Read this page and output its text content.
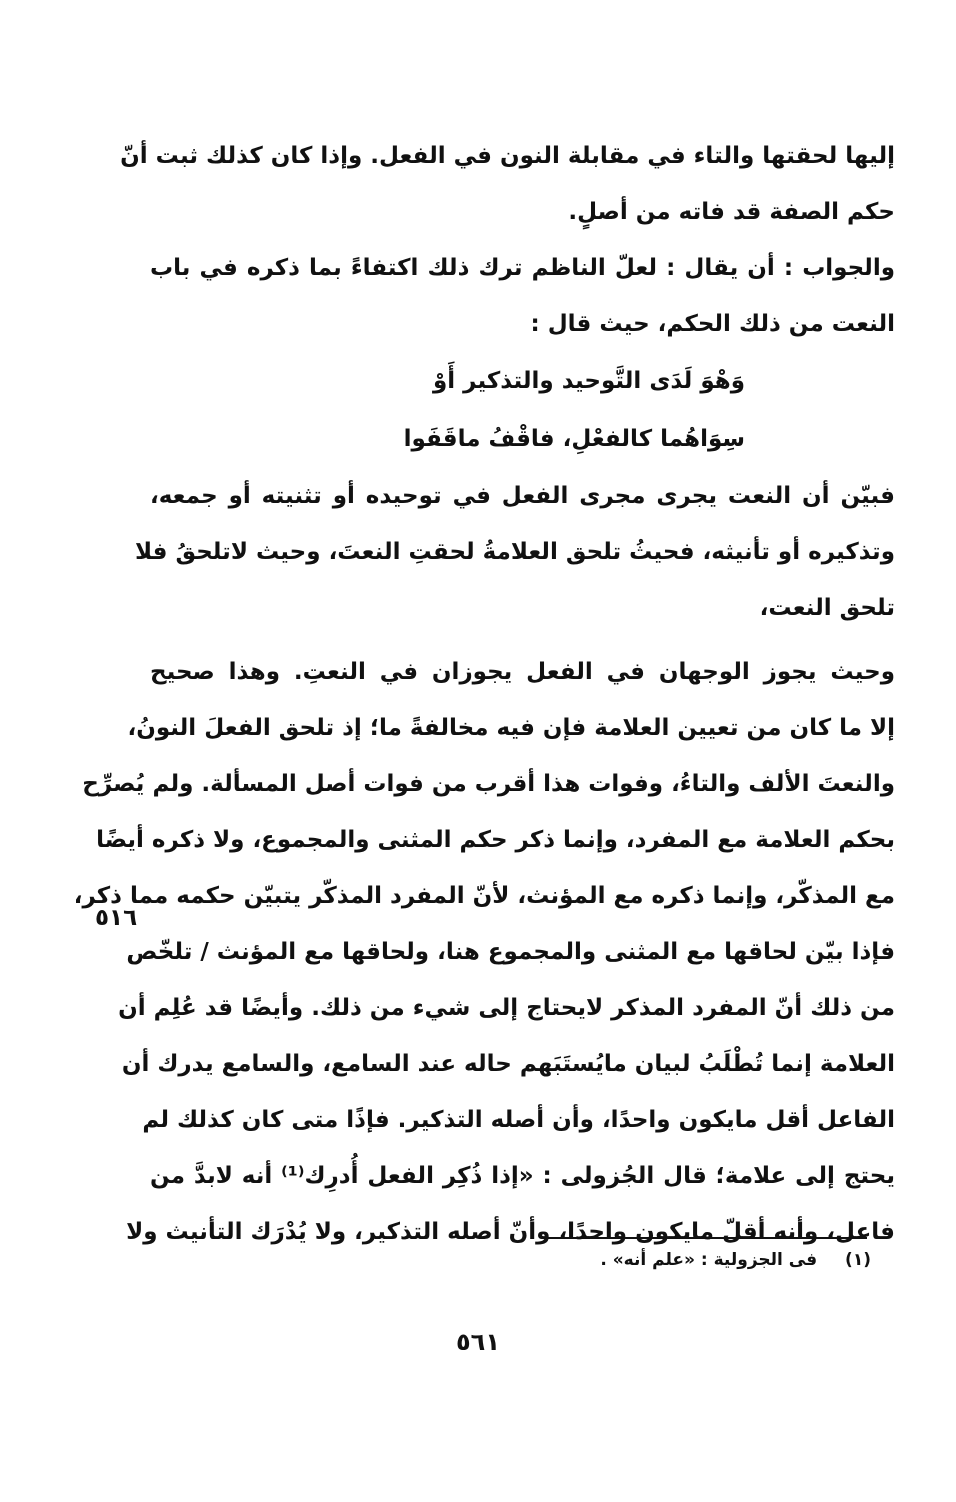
إليها لحقتها والتاء في مقابلة النون في الفعل. وإذا كان كذلك ثبت أنّ
حكم الصفة قد فاته من أصلٍ.
والجواب : أن يقال : لعلّ الناظم ترك ذلك اكتفاءً بما ذكره في باب
النعت من ذلك الحكم، حيث قال :
وَهْوَ لَدَى التَّوحيد والتذكير أَوْ
سِوَاهُما كالفعْلِ، فاقْفُ ماقَفَوا
فبيّن أن النعت يجرى مجرى الفعل في توحيده أو تثنيته أو جمعه،
وتذكيره أو تأنيثه، فحيثُ تلحق العلامةُ لحقتِ النعتَ، وحيث لاتلحقُ فلا
تلحق النعت،
وحيث يجوز الوجهان في الفعل يجوزان في النعتِ. وهذا صحيح
إلا ما كان من تعيين العلامة فإن فيه مخالفةً ما؛ إذ تلحق الفعلَ النونُ،
والنعتَ الألف والتاءُ، وفوات هذا أقرب من فوات أصل المسألة. ولم يُصرِّح
بحكم العلامة مع المفرد، وإنما ذكر حكم المثنى والمجموع، ولا ذكره أيضًا
مع المذكّر، وإنما ذكره مع المؤنث، لأنّ المفرد المذكّر يتبيّن حكمه مما ذكر،
فإذا بيّن لحاقها مع المثنى والمجموع هنا، ولحاقها مع المؤنث / تلخّص
من ذلك أنّ المفرد المذكر لايحتاج إلى شيء من ذلك. وأيضًا قد عُلِم أن
العلامة إنما تُطْلَبُ لبيان مايُستَبَهم حاله عند السامع، والسامع يدرك أن
الفاعل أقل مايكون واحدًا، وأن أصله التذكير. فإذًا متى كان كذلك لم
يحتج إلى علامة؛ قال الجُزولى : «إذا ذُكِر الفعل أُدرِك⁽¹⁾ أنه لابدَّ من
فاعل، وأنه أقلّ مايكون واحدًا، وأنّ أصله التذكير، ولا يُدْرَك التأنيث ولا
٥١٦
(١) فى الجزولية : «علم أنه» .
٥٦١
